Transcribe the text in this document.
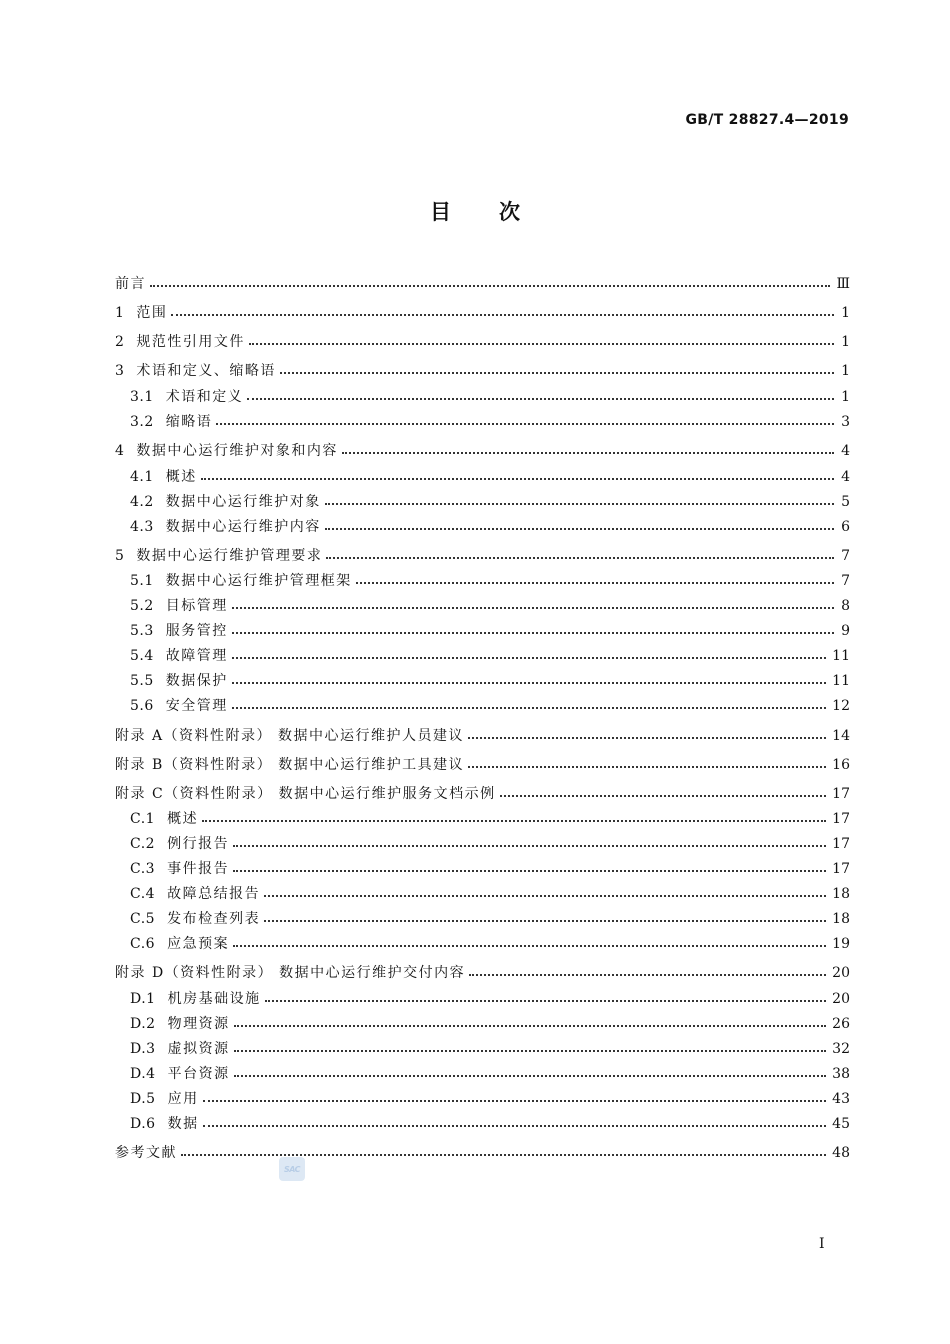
GB/T 28827.4—2019
目次
前言	Ⅲ
1 范围	1
2 规范性引用文件	1
3 术语和定义、缩略语	1
3.1 术语和定义	1
3.2 缩略语	3
4 数据中心运行维护对象和内容	4
4.1 概述	4
4.2 数据中心运行维护对象	5
4.3 数据中心运行维护内容	6
5 数据中心运行维护管理要求	7
5.1 数据中心运行维护管理框架	7
5.2 目标管理	8
5.3 服务管控	9
5.4 故障管理	11
5.5 数据保护	11
5.6 安全管理	12
附录 A（资料性附录） 数据中心运行维护人员建议	14
附录 B（资料性附录） 数据中心运行维护工具建议	16
附录 C（资料性附录） 数据中心运行维护服务文档示例	17
C.1 概述	17
C.2 例行报告	17
C.3 事件报告	17
C.4 故障总结报告	18
C.5 发布检查列表	18
C.6 应急预案	19
附录 D（资料性附录） 数据中心运行维护交付内容	20
D.1 机房基础设施	20
D.2 物理资源	26
D.3 虚拟资源	32
D.4 平台资源	38
D.5 应用	43
D.6 数据	45
参考文献	48
SAC
Ⅰ
